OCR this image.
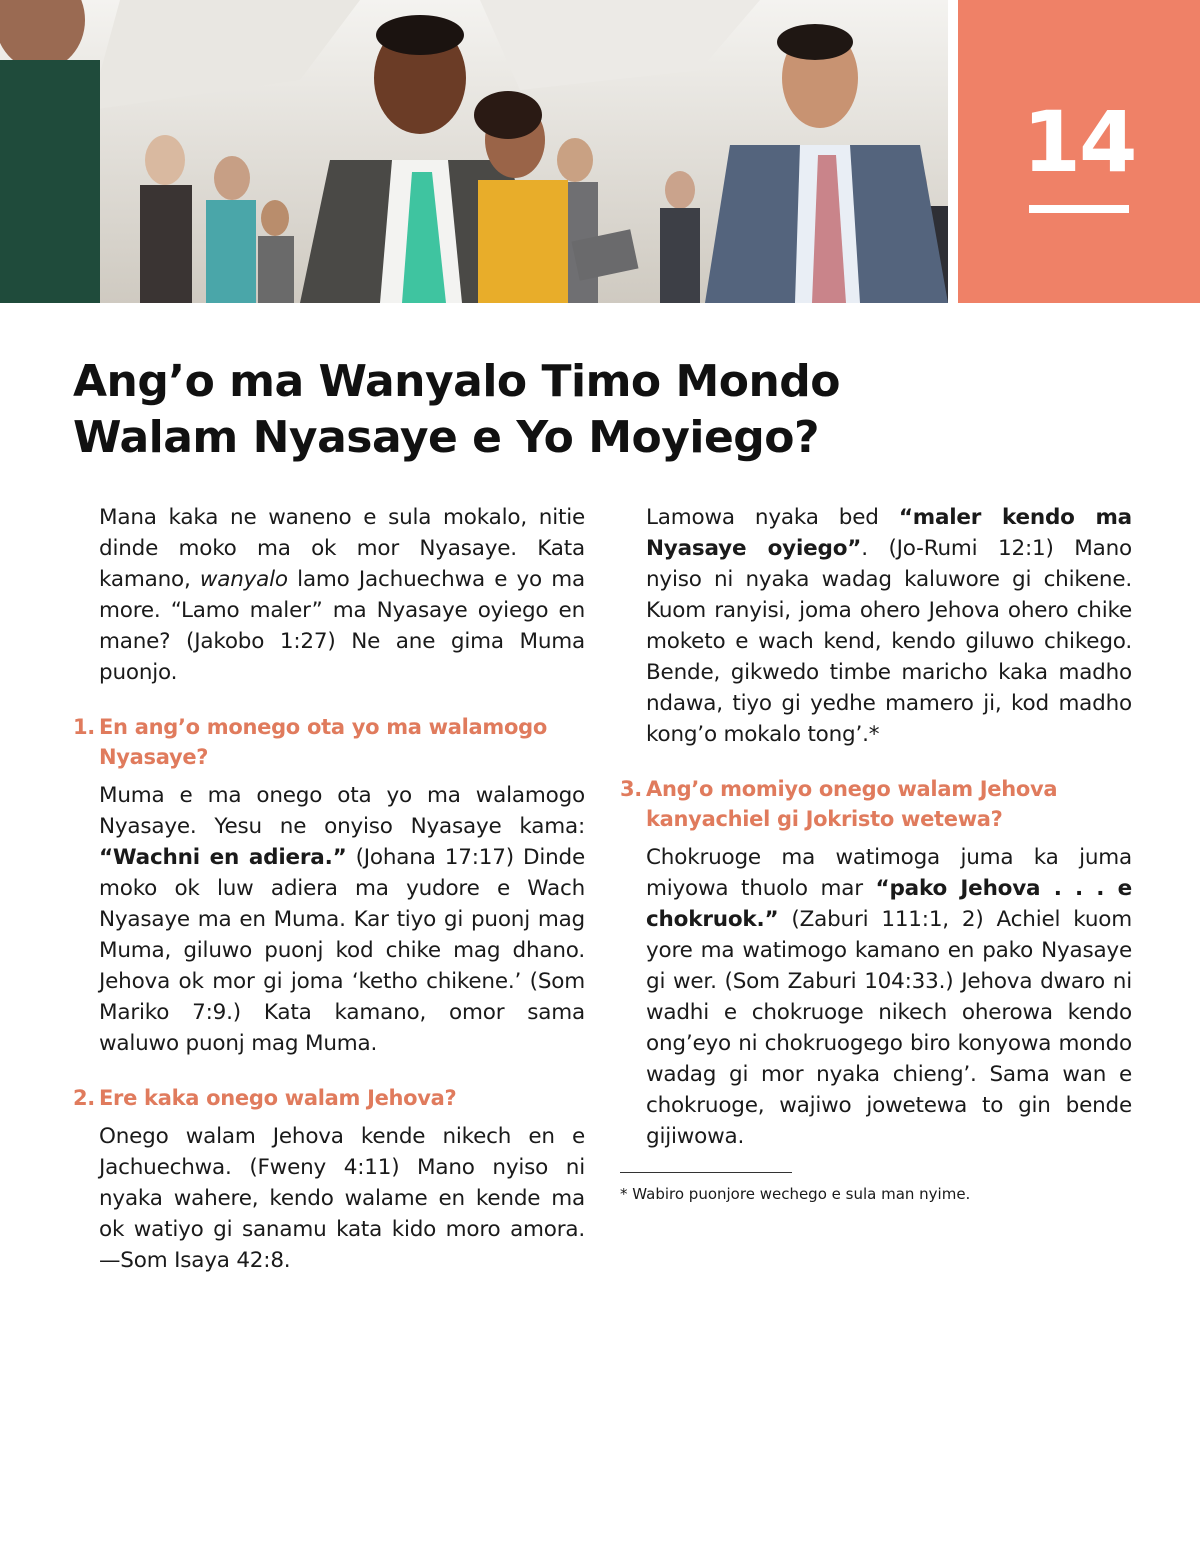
14
Ang’o ma Wanyalo Timo Mondo
Walam Nyasaye e Yo Moyiego?

Mana kaka ne waneno e sula mokalo, nitie dinde moko ma ok mor Nyasaye. Kata kamano, wanyalo lamo Jachuechwa e yo ma more. “Lamo maler” ma Nyasaye oyiego en mane? (Jakobo 1:27) Ne ane gima Muma puonjo.

1. En ang’o monego ota yo ma walamogo Nyasaye?

Muma e ma onego ota yo ma walamogo Nyasaye. Yesu ne onyiso Nyasaye kama: “Wachni en adiera.” (Johana 17:17) Dinde moko ok luw adiera ma yudore e Wach Nyasaye ma en Muma. Kar tiyo gi puonj mag Muma, giluwo puonj kod chike mag dhano. Jehova ok mor gi joma ‘ketho chikene.’ (Som Mariko 7:9.) Kata kamano, omor sama waluwo puonj mag Muma.

2. Ere kaka onego walam Jehova?

Onego walam Jehova kende nikech en e Jachuechwa. (Fweny 4:11) Mano nyiso ni nyaka wahere, kendo walame en kende ma ok watiyo gi sanamu kata kido moro amora. —Som Isaya 42:8.

Lamowa nyaka bed “maler kendo ma Nyasaye oyiego”. (Jo-Rumi 12:1) Mano nyiso ni nyaka wadag kaluwore gi chikene. Kuom ranyisi, joma ohero Jehova ohero chike moketo e wach kend, kendo giluwo chikego. Bende, gikwedo timbe maricho kaka madho ndawa, tiyo gi yedhe mamero ji, kod madho kong’o mokalo tong’.*

3. Ang’o momiyo onego walam Jehova kanyachiel gi Jokristo wetewa?

Chokruoge ma watimoga juma ka juma miyowa thuolo mar “pako Jehova . . . e chokruok.” (Zaburi 111:1, 2) Achiel kuom yore ma watimogo kamano en pako Nyasaye gi wer. (Som Zaburi 104:33.) Jehova dwaro ni wadhi e chokruoge nikech oherowa kendo ong’eyo ni chokruogego biro konyowa mondo wadag gi mor nyaka chieng’. Sama wan e chokruoge, wajiwo jowetewa to gin bende gijiwowa.

* Wabiro puonjore wechego e sula man nyime.
